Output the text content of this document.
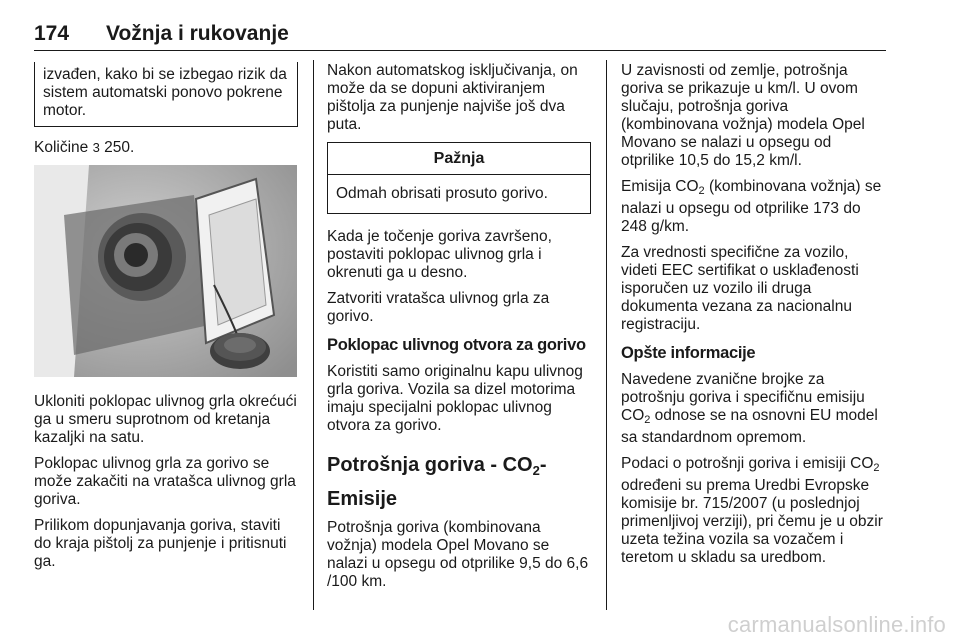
174 Vožnja i rukovanje
izvađen, kako bi se izbegao rizik da sistem automatski ponovo pokrene motor.

Količine 3 250.

Ukloniti poklopac ulivnog grla okrećući ga u smeru suprotnom od kretanja kazaljki na satu.

Poklopac ulivnog grla za gorivo se može zakačiti na vratašca ulivnog grla goriva.

Prilikom dopunjavanja goriva, staviti do kraja pištolj za punjenje i pritisnuti ga.

Nakon automatskog isključivanja, on može da se dopuni aktiviranjem pištolja za punjenje najviše još dva puta.

Pažnja
Odmah obrisati prosuto gorivo.

Kada je točenje goriva završeno, postaviti poklopac ulivnog grla i okrenuti ga u desno.

Zatvoriti vratašca ulivnog grla za gorivo.

Poklopac ulivnog otvora za gorivo

Koristiti samo originalnu kapu ulivnog grla goriva. Vozila sa dizel motorima imaju specijalni poklopac ulivnog otvora za gorivo.

Potrošnja goriva - $CO_2-$
Emisije

Potrošnja goriva (kombinovana vožnja) modela Opel Movano se nalazi u opsegu od otprilike 9,5 do 6,6 /100 km.

U zavisnosti od zemlje, potrošnja goriva se prikazuje u km/l. U ovom slučaju, potrošnja goriva (kombinovana vožnja) modela Opel Movano se nalazi u opsegu od otprilike 10,5 do 15,2 km/l.

Emisija $CO_2$ (kombinovana vožnja) se nalazi u opsegu od otprilike 173 do 248 g/km.

Za vrednosti specifične za vozilo, videti EEC sertifikat o usklađenosti isporučen uz vozilo ili druga dokumenta vezana za nacionalnu registraciju.

Opšte informacije

Navedene zvanične brojke za potrošnju goriva i specifičnu emisiju $CO_2$ odnose se na osnovni EU model sa standardnom opremom.

Podaci o potrošnji goriva i emisiji $CO_2$ određeni su prema Uredbi Evropske komisije br. 715/2007 (u poslednjoj primenljivoj verziji), pri čemu je u obzir uzeta težina vozila sa vozačem i teretom u skladu sa uredbom.

carmanualsonline.info
